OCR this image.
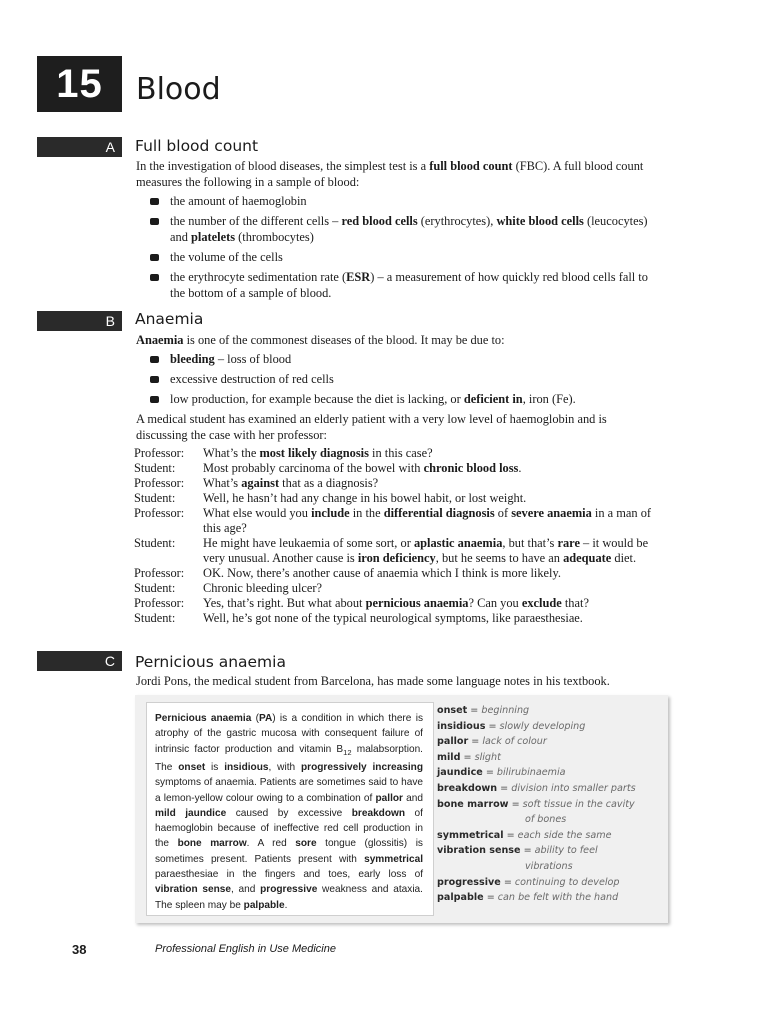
15	Blood
A	Full blood count
In the investigation of blood diseases, the simplest test is a full blood count (FBC). A full blood count measures the following in a sample of blood:
the amount of haemoglobin
the number of the different cells – red blood cells (erythrocytes), white blood cells (leucocytes) and platelets (thrombocytes)
the volume of the cells
the erythrocyte sedimentation rate (ESR) – a measurement of how quickly red blood cells fall to the bottom of a sample of blood.
B	Anaemia
Anaemia is one of the commonest diseases of the blood. It may be due to:
bleeding – loss of blood
excessive destruction of red cells
low production, for example because the diet is lacking, or deficient in, iron (Fe).
A medical student has examined an elderly patient with a very low level of haemoglobin and is discussing the case with her professor:
Professor:	What’s the most likely diagnosis in this case?
Student:	Most probably carcinoma of the bowel with chronic blood loss.
Professor:	What’s against that as a diagnosis?
Student:	Well, he hasn’t had any change in his bowel habit, or lost weight.
Professor:	What else would you include in the differential diagnosis of severe anaemia in a man of this age?
Student:	He might have leukaemia of some sort, or aplastic anaemia, but that’s rare – it would be very unusual. Another cause is iron deficiency, but he seems to have an adequate diet.
Professor:	OK. Now, there’s another cause of anaemia which I think is more likely.
Student:	Chronic bleeding ulcer?
Professor:	Yes, that’s right. But what about pernicious anaemia? Can you exclude that?
Student:	Well, he’s got none of the typical neurological symptoms, like paraesthesiae.
C	Pernicious anaemia
Jordi Pons, the medical student from Barcelona, has made some language notes in his textbook.
Pernicious anaemia (PA) is a condition in which there is atrophy of the gastric mucosa with consequent failure of intrinsic factor production and vitamin $B_{12}$ malabsorption. The onset is insidious, with progressively increasing symptoms of anaemia. Patients are sometimes said to have a lemon-yellow colour owing to a combination of pallor and mild jaundice caused by excessive breakdown of haemoglobin because of ineffective red cell production in the bone marrow. A red sore tongue (glossitis) is sometimes present. Patients present with symmetrical paraesthesiae in the fingers and toes, early loss of vibration sense, and progressive weakness and ataxia. The spleen may be palpable.
onset = beginning
insidious = slowly developing
pallor = lack of colour
mild = slight
jaundice = bilirubinaemia
breakdown = division into smaller parts
bone marrow = soft tissue in the cavity
of bones
symmetrical = each side the same
vibration sense = ability to feel
vibrations
progressive = continuing to develop
palpable = can be felt with the hand
38	Professional English in Use Medicine
